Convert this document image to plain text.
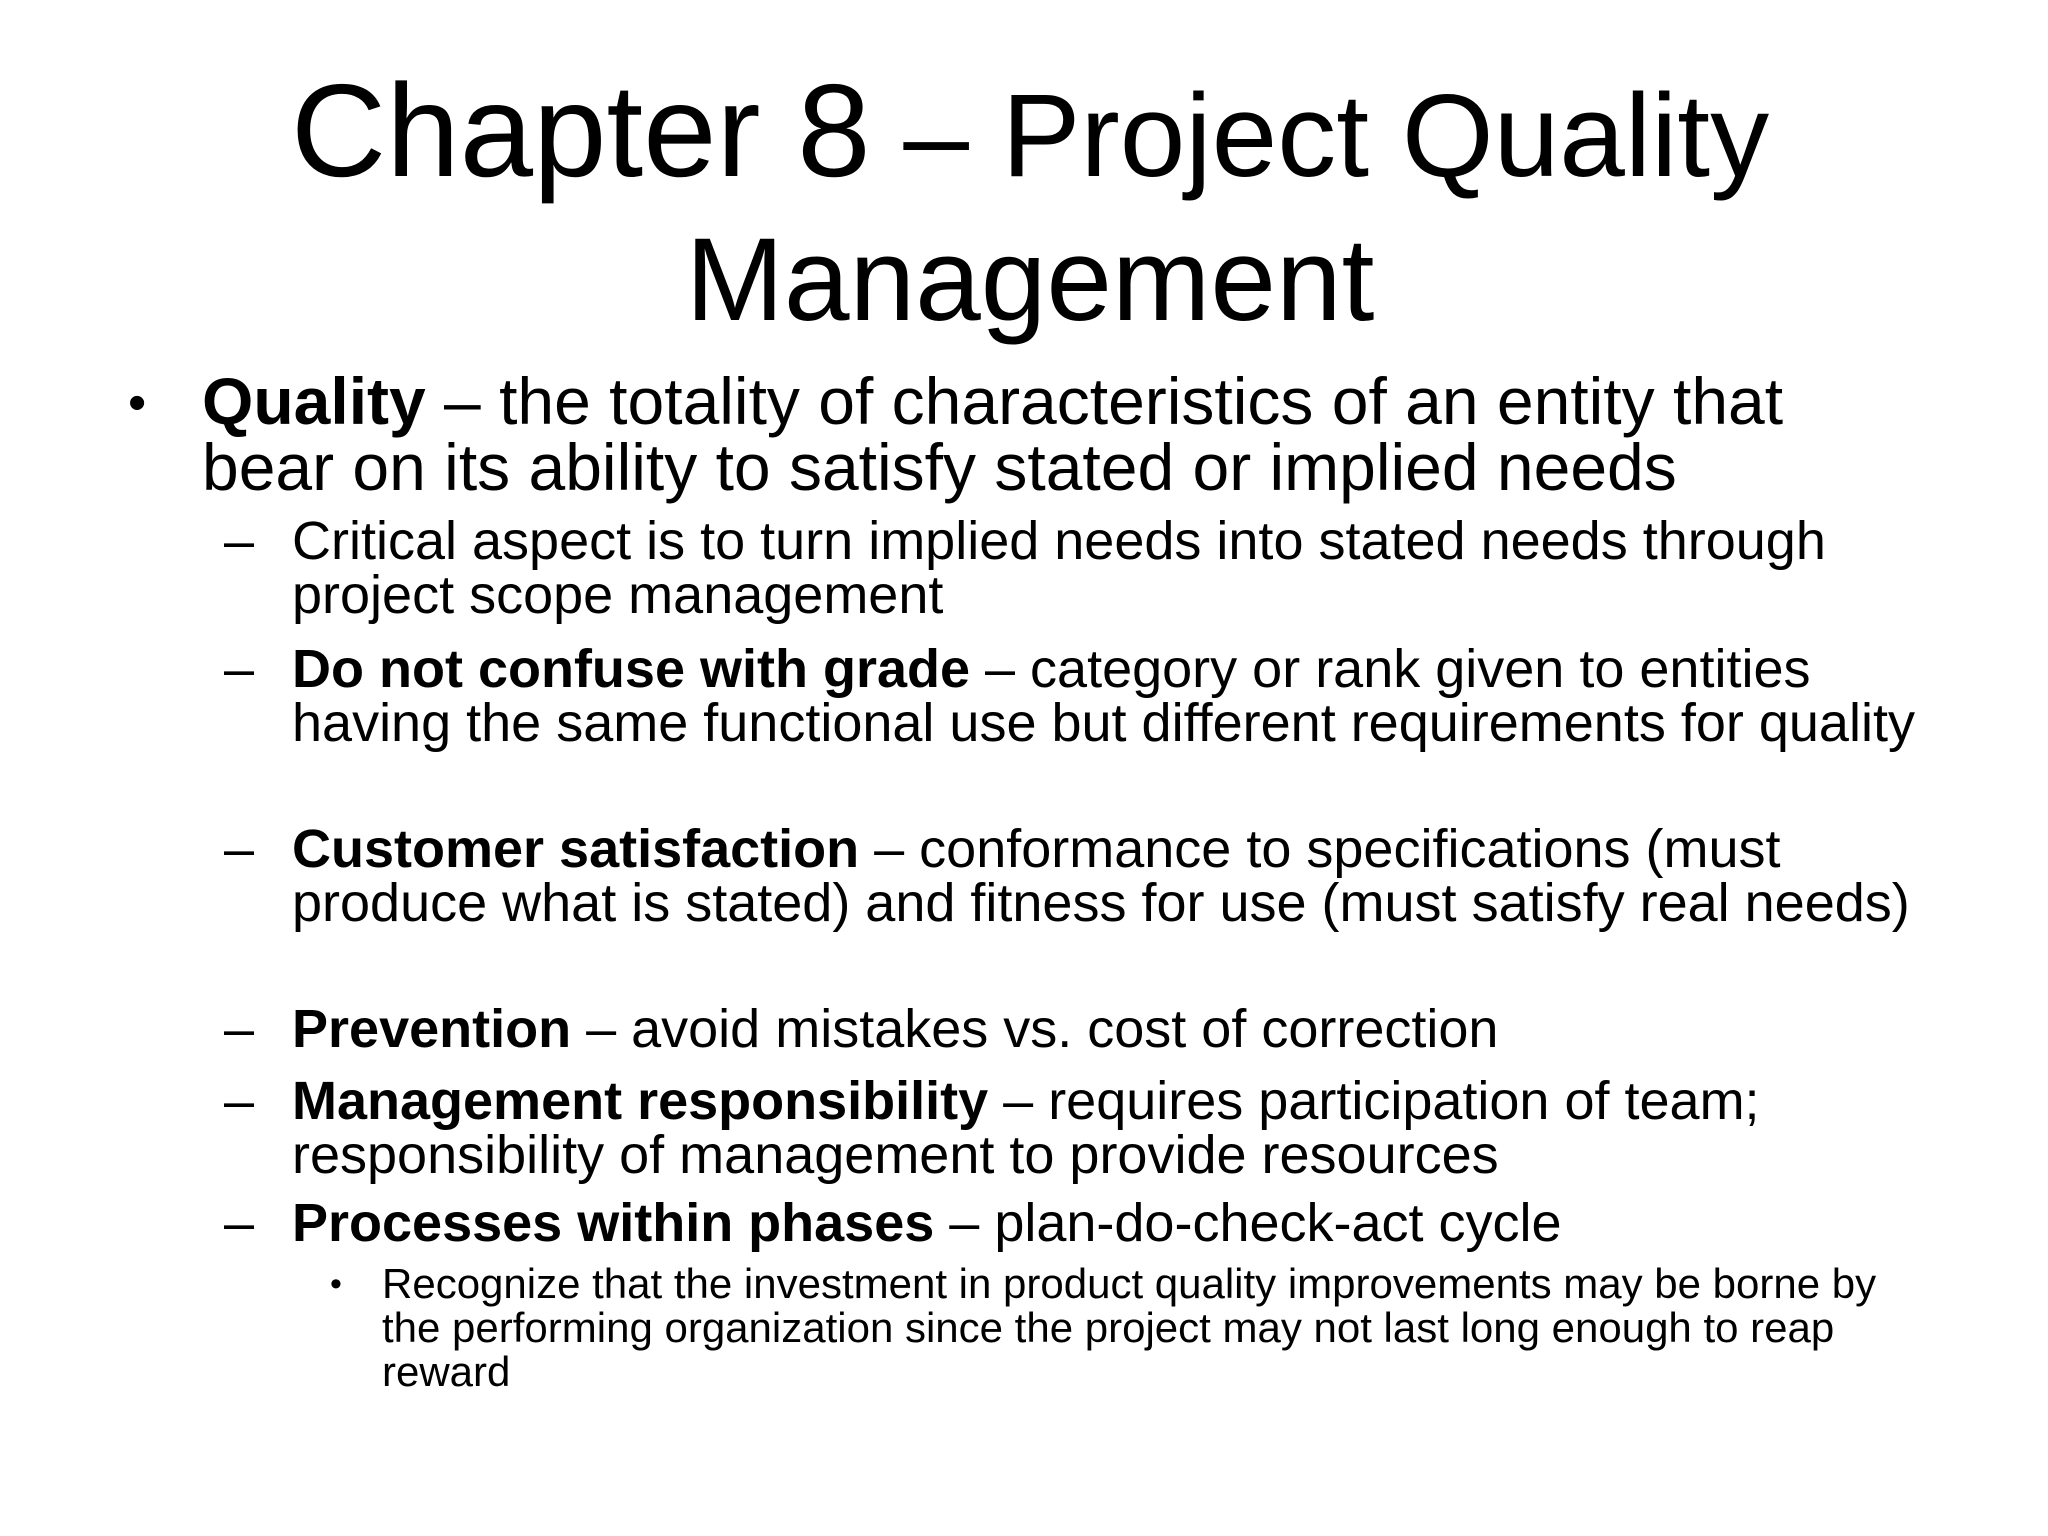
Chapter 8 – Project Quality Management
• Quality – the totality of characteristics of an entity that bear on its ability to satisfy stated or implied needs
– Critical aspect is to turn implied needs into stated needs through project scope management
– Do not confuse with grade – category or rank given to entities having the same functional use but different requirements for quality
– Customer satisfaction – conformance to specifications (must produce what is stated) and fitness for use (must satisfy real needs)
– Prevention – avoid mistakes vs. cost of correction
– Management responsibility – requires participation of team; responsibility of management to provide resources
– Processes within phases – plan-do-check-act cycle
• Recognize that the investment in product quality improvements may be borne by the performing organization since the project may not last long enough to reap reward
